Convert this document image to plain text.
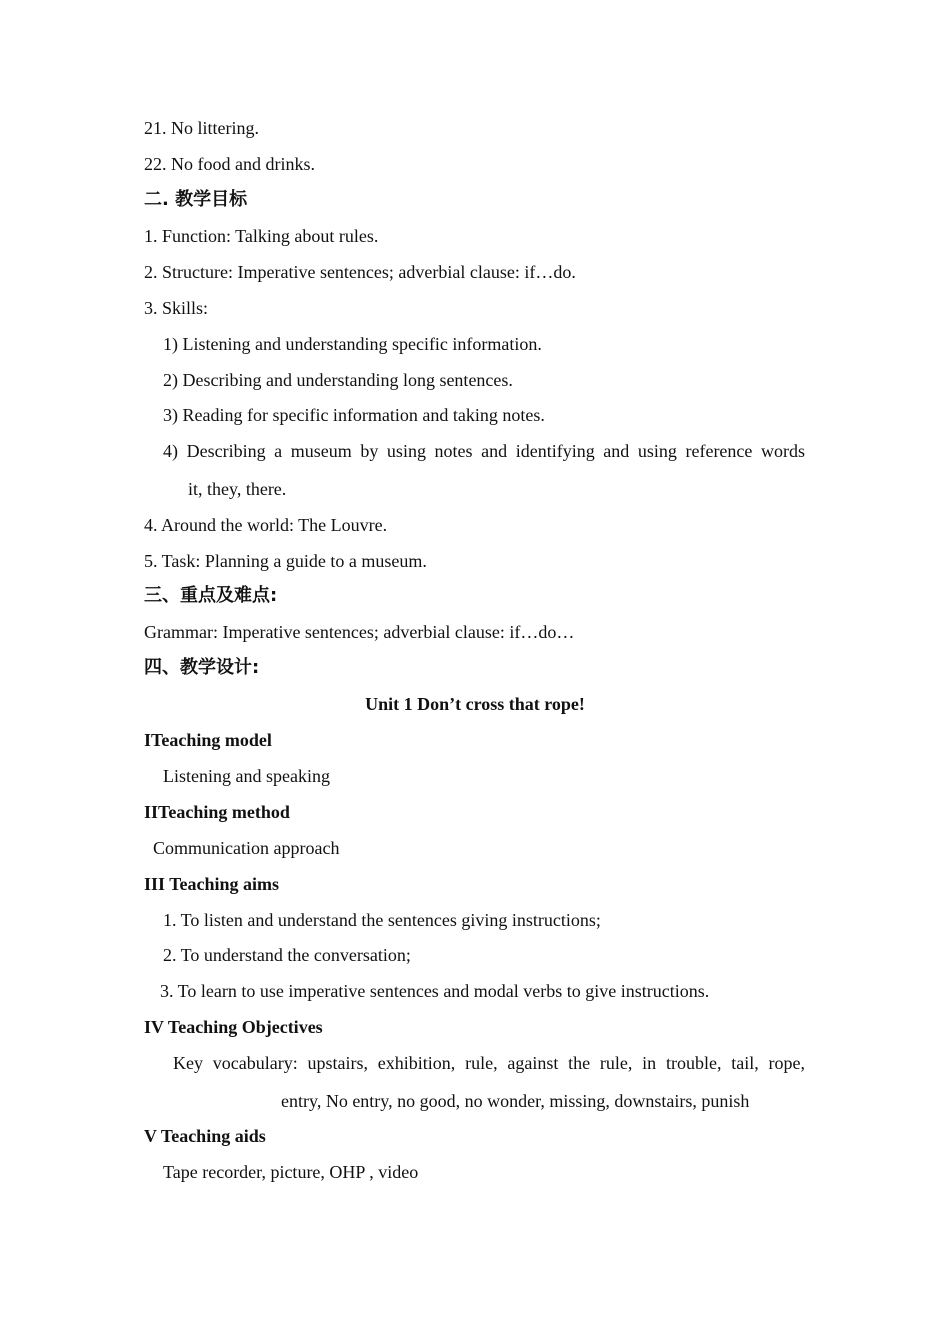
21. No littering.

22. No food and drinks.

二. 教学目标

1. Function: Talking about rules.

2. Structure: Imperative sentences; adverbial clause: if…do.

3. Skills:

1) Listening and understanding specific information.

2) Describing and understanding long sentences.

3) Reading for specific information and taking notes.

4) Describing a museum by using notes and identifying and using reference words

it, they, there.

4. Around the world: The Louvre.

5. Task: Planning a guide to a museum.

三、重点及难点:

Grammar: Imperative sentences; adverbial clause: if…do…

四、教学设计:

Unit 1 Don’t cross that rope!

ITeaching model

Listening and speaking

IITeaching method

Communication approach

III Teaching aims

1. To listen and understand the sentences giving instructions;

2. To understand the conversation;

3. To learn to use imperative sentences and modal verbs to give instructions.

IV Teaching Objectives

Key vocabulary: upstairs, exhibition, rule, against the rule, in trouble, tail, rope,

entry, No entry, no good, no wonder, missing, downstairs, punish

V Teaching aids

Tape recorder, picture, OHP , video
